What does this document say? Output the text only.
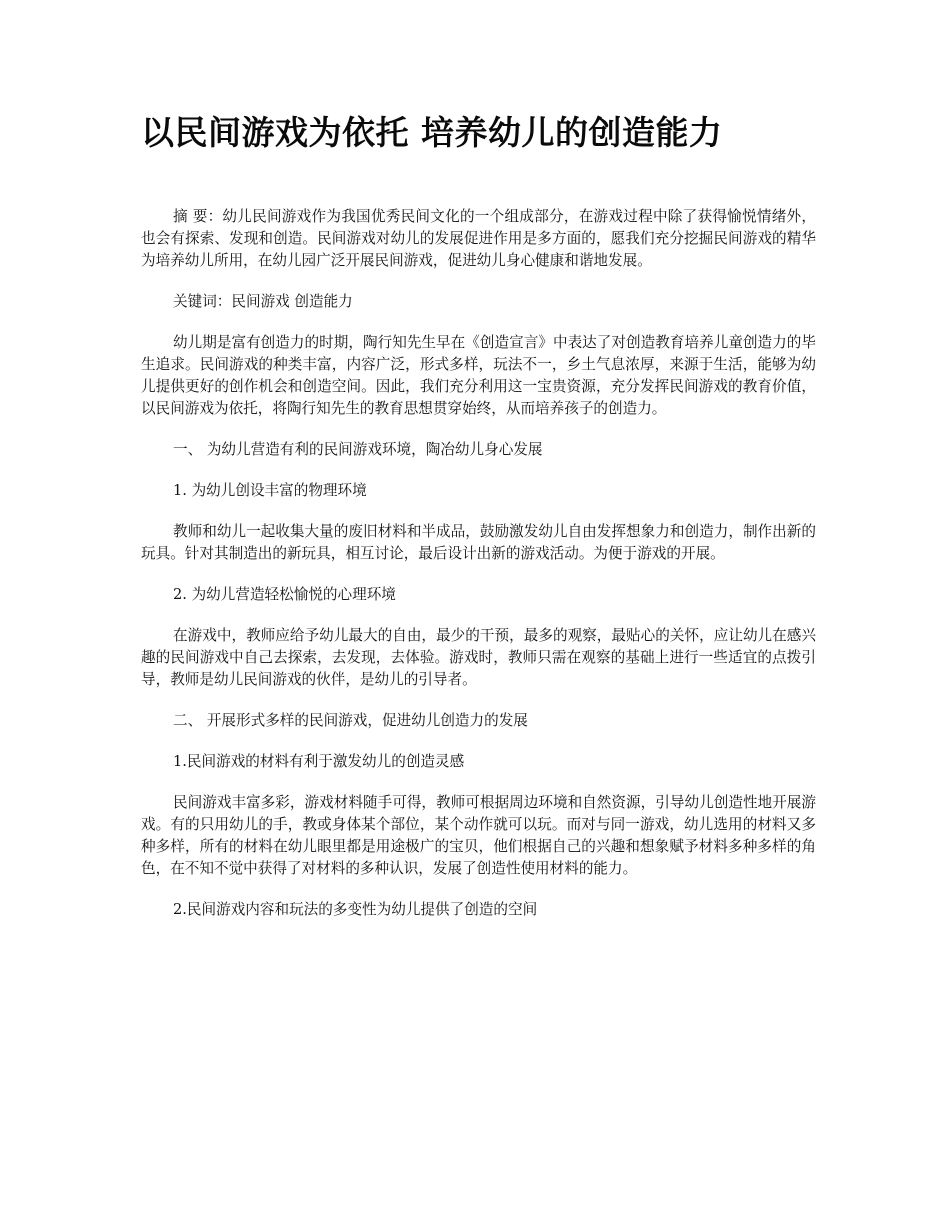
以民间游戏为依托 培养幼儿的创造能力

摘 要：幼儿民间游戏作为我国优秀民间文化的一个组成部分，在游戏过程中除了获得愉悦情绪外，也会有探索、发现和创造。民间游戏对幼儿的发展促进作用是多方面的，愿我们充分挖掘民间游戏的精华为培养幼儿所用，在幼儿园广泛开展民间游戏，促进幼儿身心健康和谐地发展。

关键词：民间游戏 创造能力

幼儿期是富有创造力的时期，陶行知先生早在《创造宣言》中表达了对创造教育培养儿童创造力的毕生追求。民间游戏的种类丰富，内容广泛，形式多样，玩法不一，乡土气息浓厚，来源于生活，能够为幼儿提供更好的创作机会和创造空间。因此，我们充分利用这一宝贵资源，充分发挥民间游戏的教育价值，以民间游戏为依托，将陶行知先生的教育思想贯穿始终，从而培养孩子的创造力。

一、 为幼儿营造有利的民间游戏环境，陶冶幼儿身心发展

1. 为幼儿创设丰富的物理环境

教师和幼儿一起收集大量的废旧材料和半成品，鼓励激发幼儿自由发挥想象力和创造力，制作出新的玩具。针对其制造出的新玩具，相互讨论，最后设计出新的游戏活动。为便于游戏的开展。

2. 为幼儿营造轻松愉悦的心理环境

在游戏中，教师应给予幼儿最大的自由，最少的干预，最多的观察，最贴心的关怀，应让幼儿在感兴趣的民间游戏中自己去探索，去发现，去体验。游戏时，教师只需在观察的基础上进行一些适宜的点拨引导，教师是幼儿民间游戏的伙伴，是幼儿的引导者。

二、 开展形式多样的民间游戏，促进幼儿创造力的发展

1.民间游戏的材料有利于激发幼儿的创造灵感

民间游戏丰富多彩，游戏材料随手可得，教师可根据周边环境和自然资源，引导幼儿创造性地开展游戏。有的只用幼儿的手，教或身体某个部位，某个动作就可以玩。而对与同一游戏，幼儿选用的材料又多种多样，所有的材料在幼儿眼里都是用途极广的宝贝，他们根据自己的兴趣和想象赋予材料多种多样的角色，在不知不觉中获得了对材料的多种认识，发展了创造性使用材料的能力。

2.民间游戏内容和玩法的多变性为幼儿提供了创造的空间
